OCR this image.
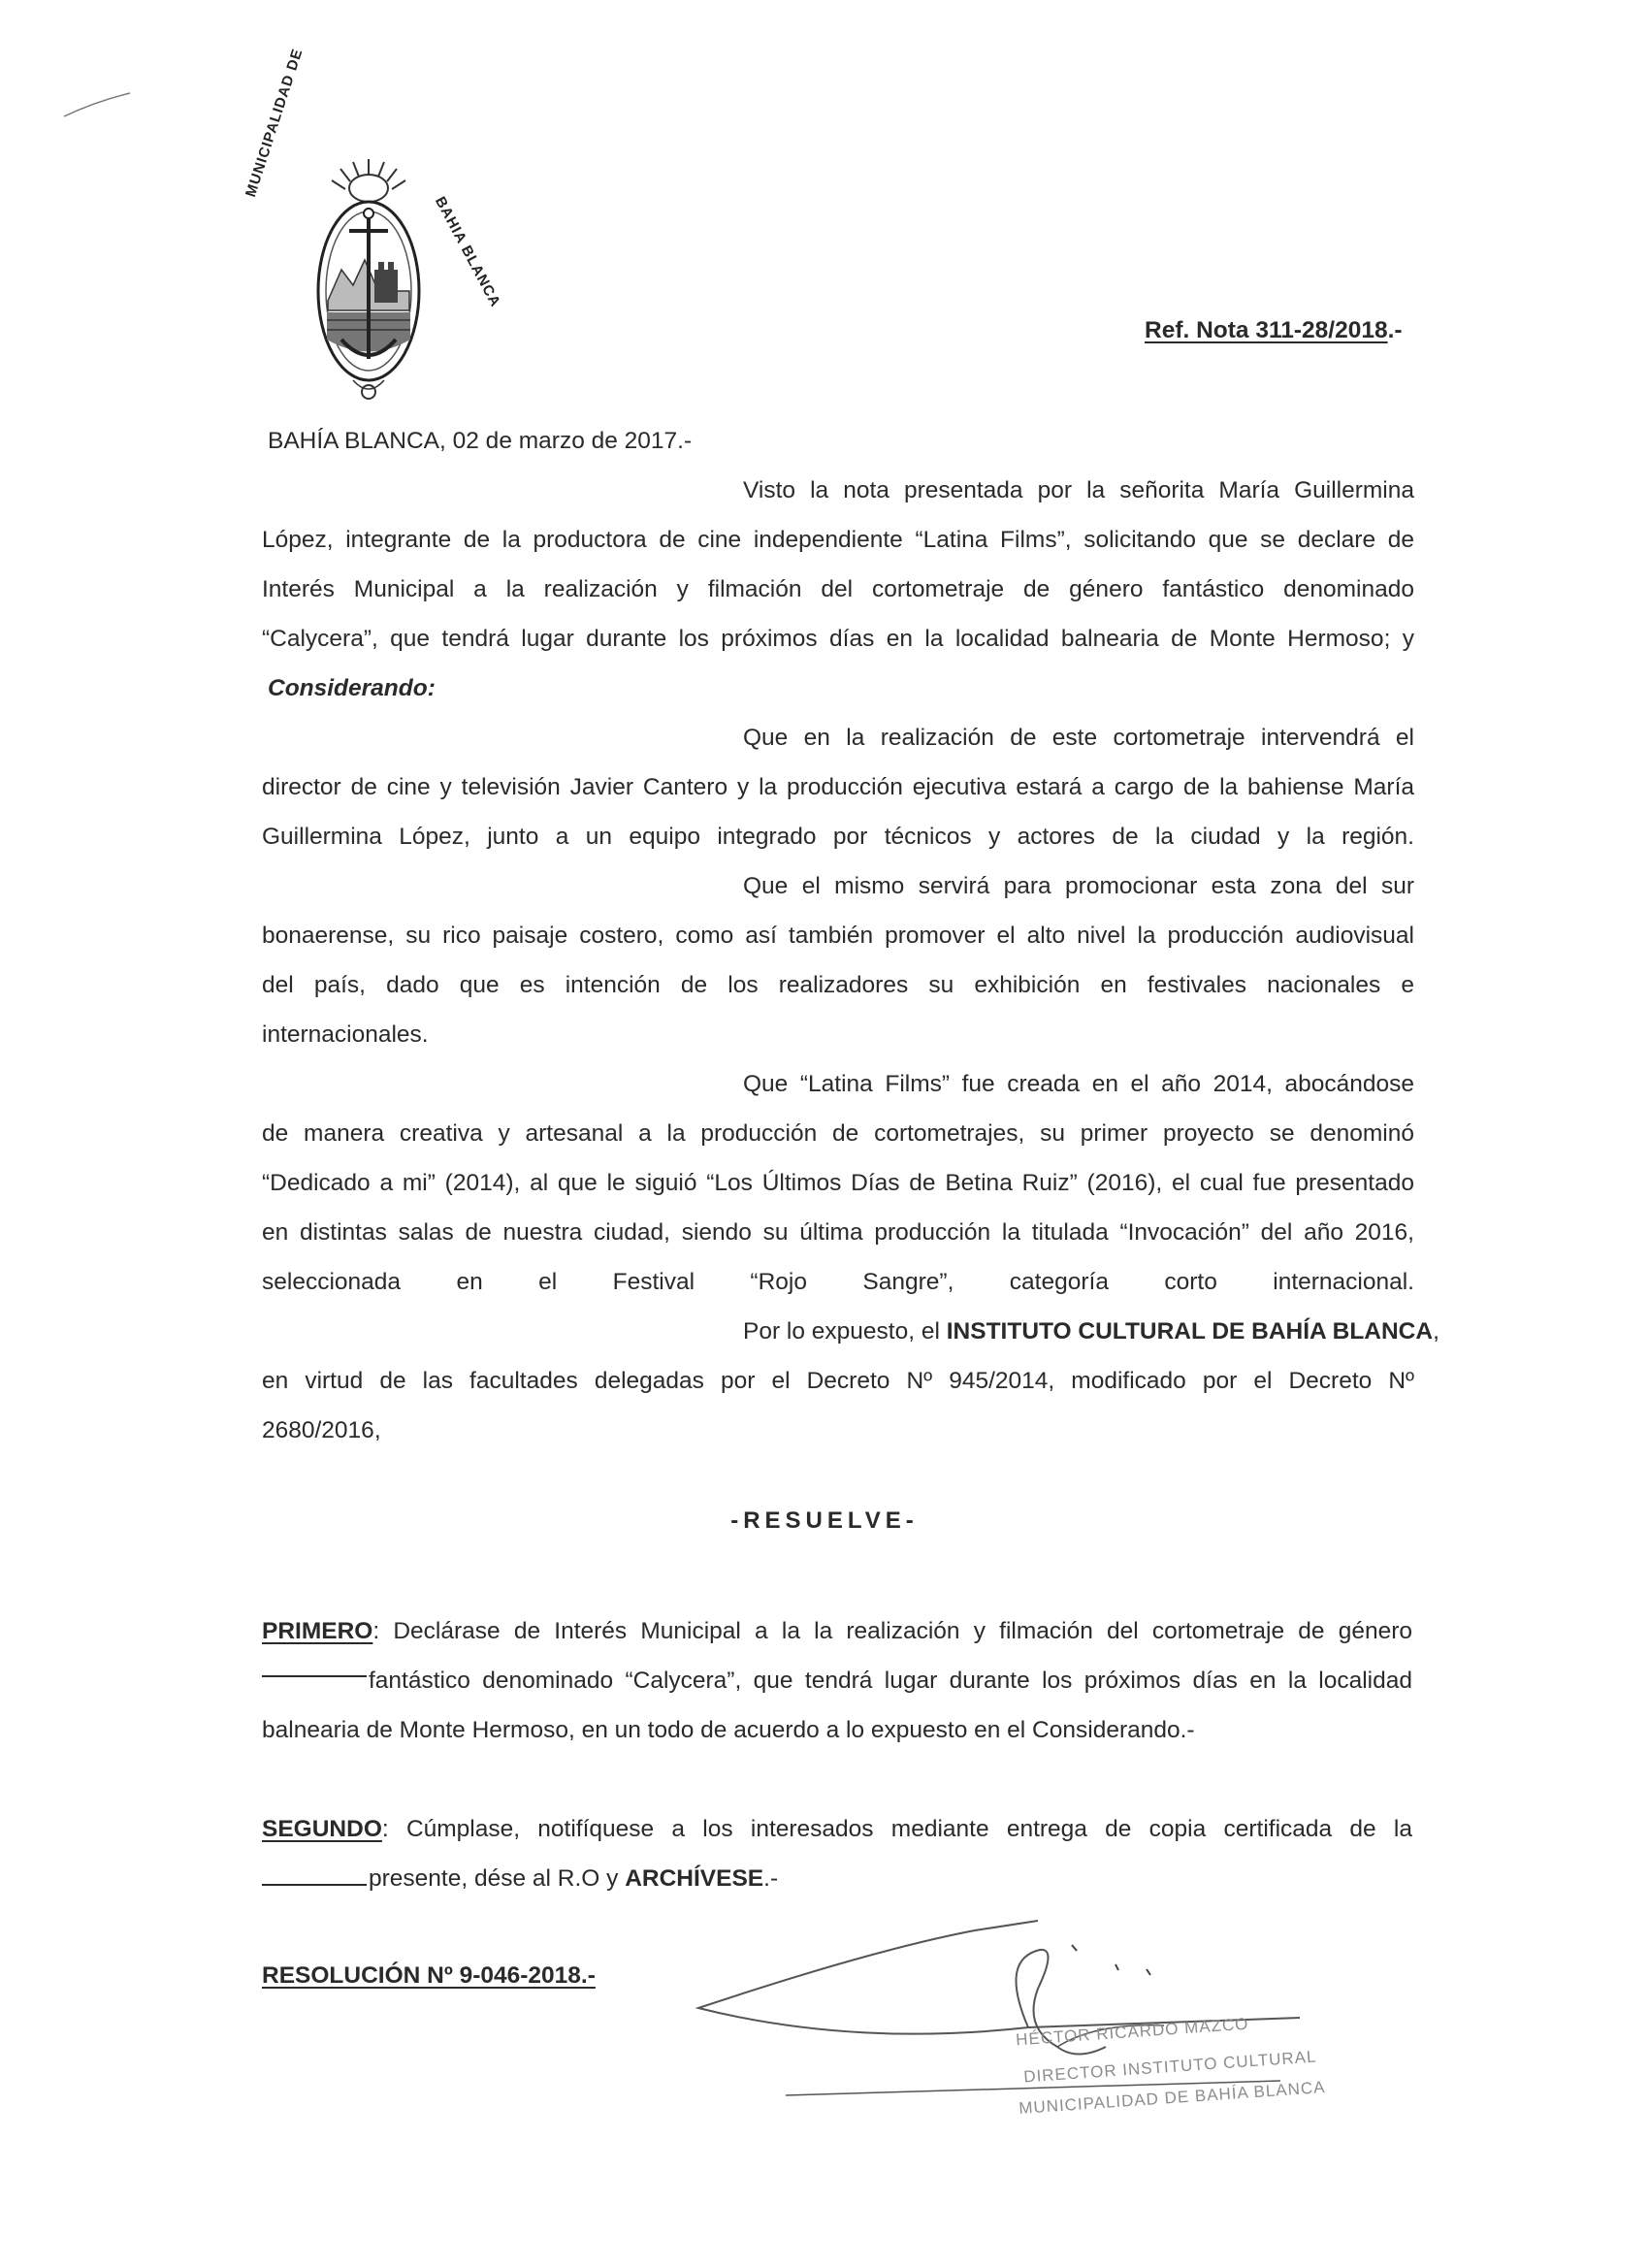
MUNICIPALIDAD DE
BAHIA BLANCA
Ref. Nota 311-28/2018.-
BAHÍA BLANCA, 02 de marzo de 2017.-
Visto la nota presentada por la señorita María Guillermina
López, integrante de la productora de cine independiente “Latina Films”, solicitando que se declare de
Interés Municipal a la realización y filmación del cortometraje de género fantástico denominado
“Calycera”, que tendrá lugar durante los próximos días en la localidad balnearia de Monte Hermoso; y
Considerando:
Que en la realización de este cortometraje intervendrá el
director de cine y televisión Javier Cantero y la producción ejecutiva estará a cargo de la bahiense María
Guillermina López, junto a un equipo integrado por técnicos y actores de la ciudad y la región.
Que el mismo servirá para promocionar esta zona del sur
bonaerense, su rico paisaje costero, como así también promover el alto nivel la producción audiovisual
del país, dado que es intención de los realizadores su exhibición en festivales nacionales e
internacionales.
Que “Latina Films” fue creada en el año 2014, abocándose
de manera creativa y artesanal a la producción de cortometrajes, su primer proyecto se denominó
“Dedicado a mi” (2014), al que le siguió “Los Últimos Días de Betina Ruiz” (2016), el cual fue presentado
en distintas salas de nuestra ciudad, siendo su última producción la titulada “Invocación” del año 2016,
seleccionada en el Festival “Rojo Sangre”, categoría corto internacional.
Por lo expuesto, el INSTITUTO CULTURAL DE BAHÍA BLANCA,
en virtud de las facultades delegadas por el Decreto Nº 945/2014, modificado por el Decreto Nº
2680/2016,
-RESUELVE-
PRIMERO: Declárase de Interés Municipal a la la realización y filmación del cortometraje de género
fantástico denominado “Calycera”, que tendrá lugar durante los próximos días en la localidad
balnearia de Monte Hermoso, en un todo de acuerdo a lo expuesto en el Considerando.-
SEGUNDO: Cúmplase, notifíquese a los interesados mediante entrega de copia certificada de la
presente, dése al R.O y ARCHÍVESE.-
RESOLUCIÓN Nº 9-046-2018.-
HÉCTOR RICARDO MAZCO
DIRECTOR INSTITUTO CULTURAL
MUNICIPALIDAD DE BAHÍA BLANCA
